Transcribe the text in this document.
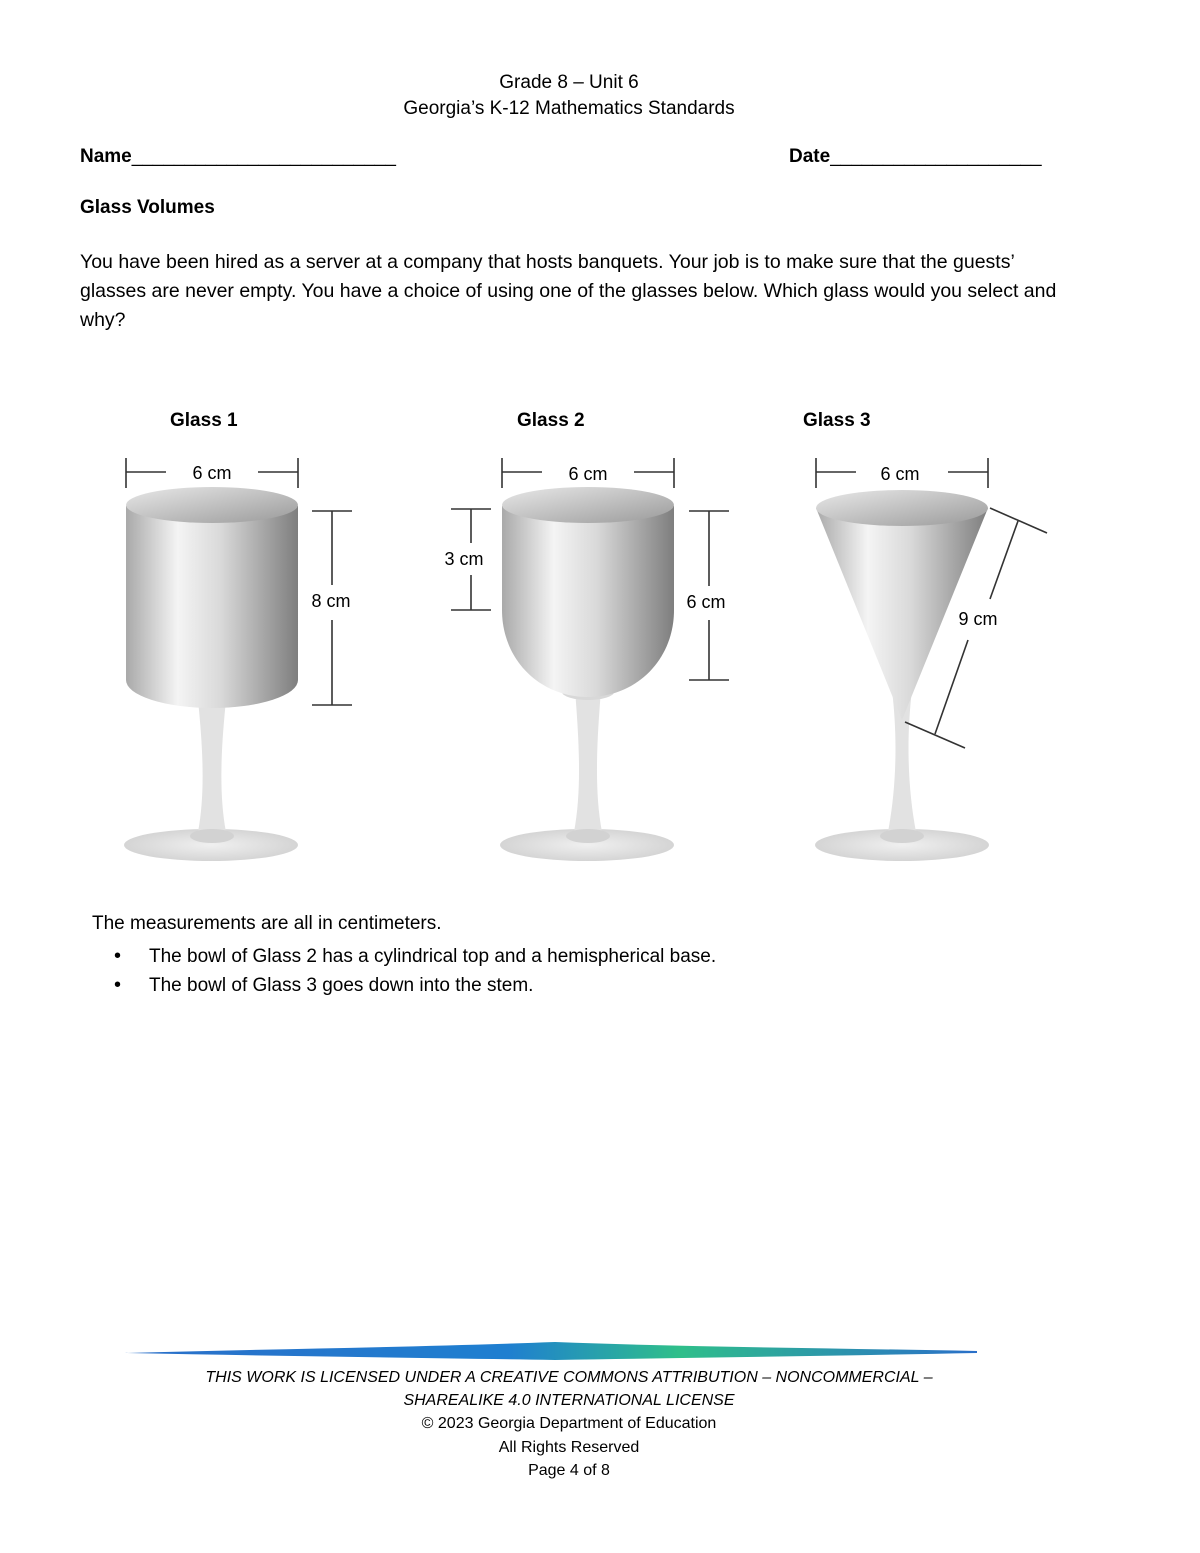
Grade 8 – Unit 6
Georgia’s K-12 Mathematics Standards
Name_________________________	Date____________________
Glass Volumes
You have been hired as a server at a company that hosts banquets. Your job is to make sure that the guests’ glasses are never empty. You have a choice of using one of the glasses below. Which glass would you select and why?
Glass 1	Glass 2	Glass 3
6 cm
8 cm
6 cm
3 cm
6 cm
6 cm
9 cm
The measurements are all in centimeters.
• The bowl of Glass 2 has a cylindrical top and a hemispherical base.
• The bowl of Glass 3 goes down into the stem.
THIS WORK IS LICENSED UNDER A CREATIVE COMMONS ATTRIBUTION – NONCOMMERCIAL –
SHAREALIKE 4.0 INTERNATIONAL LICENSE
© 2023 Georgia Department of Education
All Rights Reserved
Page 4 of 8
